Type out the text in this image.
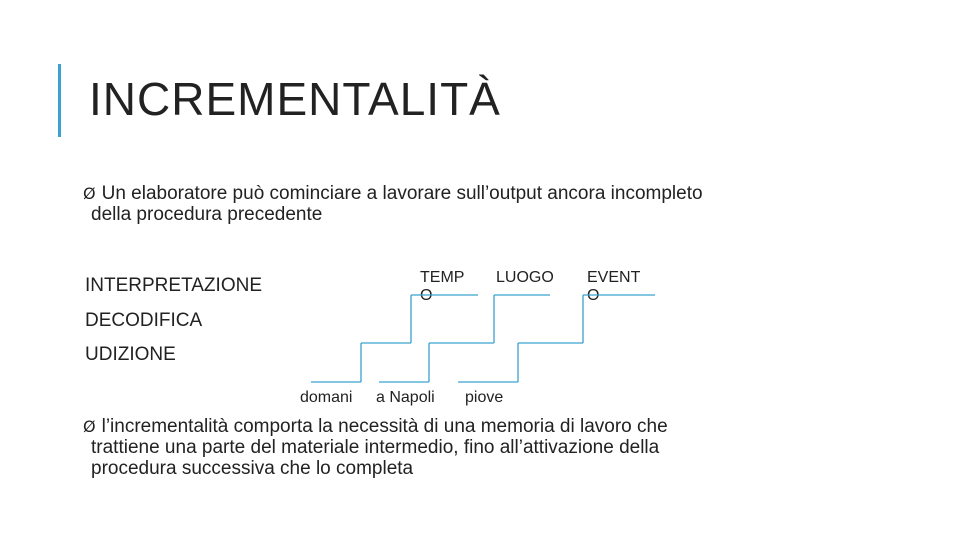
INCREMENTALITÀ
Ø Un elaboratore può cominciare a lavorare sull’output ancora incompleto
della procedura precedente
INTERPRETAZIONE
DECODIFICA
UDIZIONE
TEMP
O
LUOGO EVENT
O
domani a Napoli piove
Ø l’incrementalità comporta la necessità di una memoria di lavoro che
trattiene una parte del materiale intermedio, fino all’attivazione della
procedura successiva che lo completa
